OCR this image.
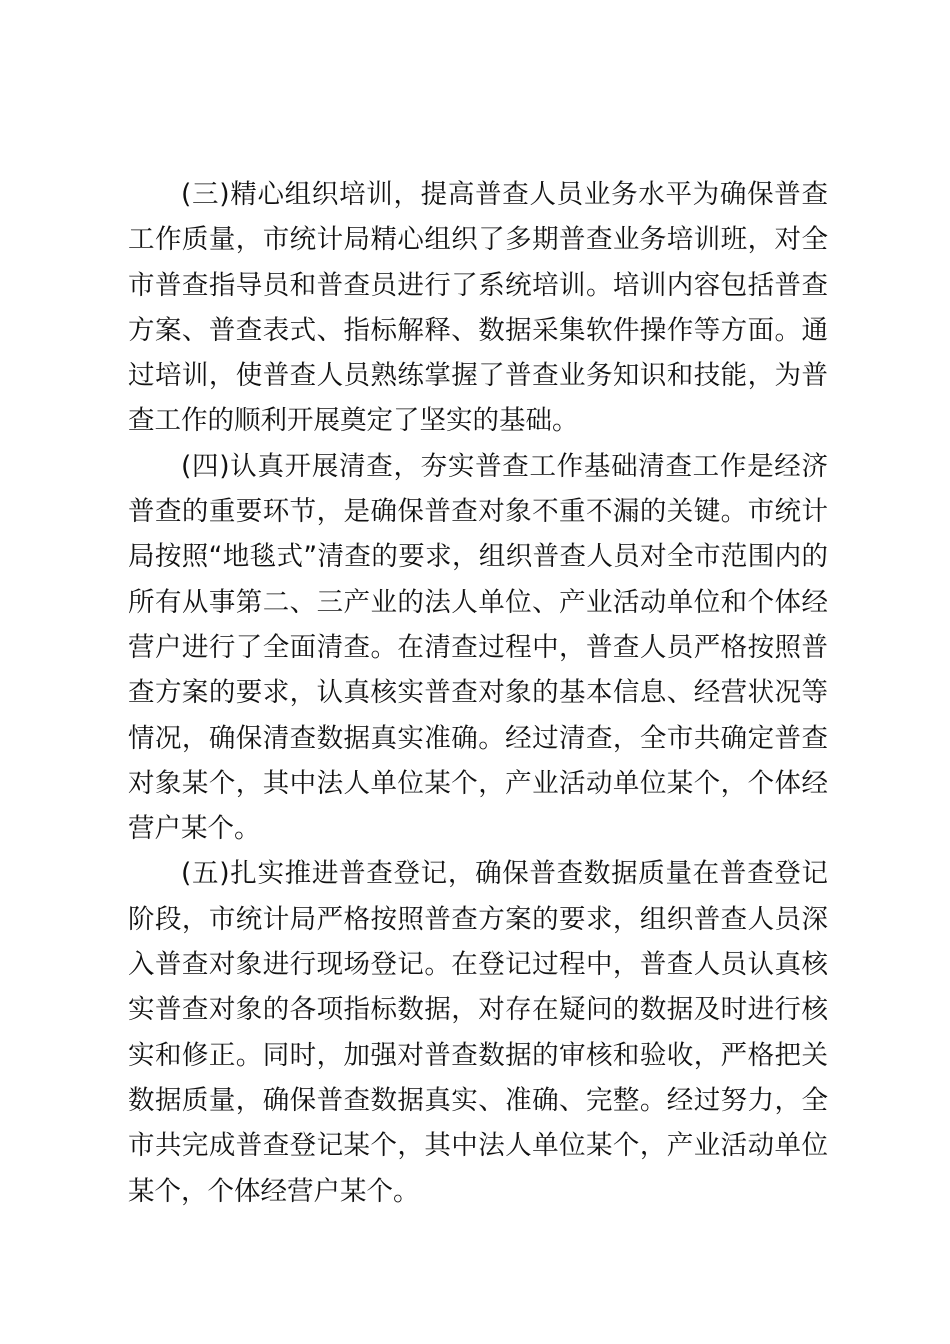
(三)精心组织培训，提高普查人员业务水平为确保普查工作质量，市统计局精心组织了多期普查业务培训班，对全市普查指导员和普查员进行了系统培训。培训内容包括普查方案、普查表式、指标解释、数据采集软件操作等方面。通过培训，使普查人员熟练掌握了普查业务知识和技能，为普查工作的顺利开展奠定了坚实的基础。

(四)认真开展清查，夯实普查工作基础清查工作是经济普查的重要环节，是确保普查对象不重不漏的关键。市统计局按照“地毯式”清查的要求，组织普查人员对全市范围内的所有从事第二、三产业的法人单位、产业活动单位和个体经营户进行了全面清查。在清查过程中，普查人员严格按照普查方案的要求，认真核实普查对象的基本信息、经营状况等情况，确保清查数据真实准确。经过清查，全市共确定普查对象某个，其中法人单位某个，产业活动单位某个，个体经营户某个。

(五)扎实推进普查登记，确保普查数据质量在普查登记阶段，市统计局严格按照普查方案的要求，组织普查人员深入普查对象进行现场登记。在登记过程中，普查人员认真核实普查对象的各项指标数据，对存在疑问的数据及时进行核实和修正。同时，加强对普查数据的审核和验收，严格把关数据质量，确保普查数据真实、准确、完整。经过努力，全市共完成普查登记某个，其中法人单位某个，产业活动单位某个，个体经营户某个。
